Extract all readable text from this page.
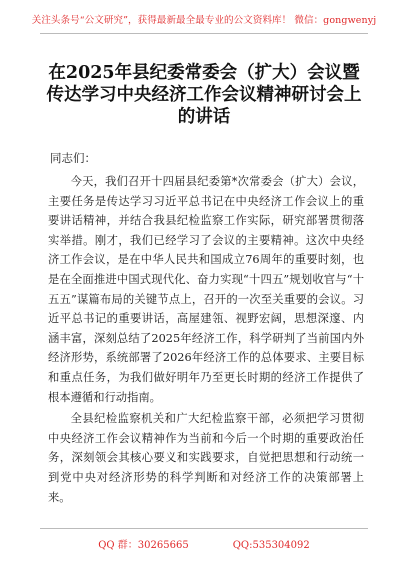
关注头条号“公文研究”，获得最新最全最专业的公文资料库！ 微信：gongwenyj
在2025年县纪委常委会（扩大）会议暨
传达学习中央经济工作会议精神研讨会上
的讲话

同志们：

今天，我们召开十四届县纪委第*次常委会（扩大）会议，主要任务是传达学习习近平总书记在中央经济工作会议上的重要讲话精神，并结合我县纪检监察工作实际，研究部署贯彻落实举措。刚才，我们已经学习了会议的主要精神。这次中央经济工作会议，是在中华人民共和国成立76周年的重要时刻，也是在全面推进中国式现代化、奋力实现“十四五”规划收官与“十五五”谋篇布局的关键节点上，召开的一次至关重要的会议。习近平总书记的重要讲话，高屋建瓴、视野宏阔，思想深邃、内涵丰富，深刻总结了2025年经济工作，科学研判了当前国内外经济形势，系统部署了2026年经济工作的总体要求、主要目标和重点任务，为我们做好明年乃至更长时期的经济工作提供了根本遵循和行动指南。

全县纪检监察机关和广大纪检监察干部，必须把学习贯彻中央经济工作会议精神作为当前和今后一个时期的重要政治任务，深刻领会其核心要义和实践要求，自觉把思想和行动统一到党中央对经济形势的科学判断和对经济工作的决策部署上来。

QQ 群：30265665	QQ:535304092
